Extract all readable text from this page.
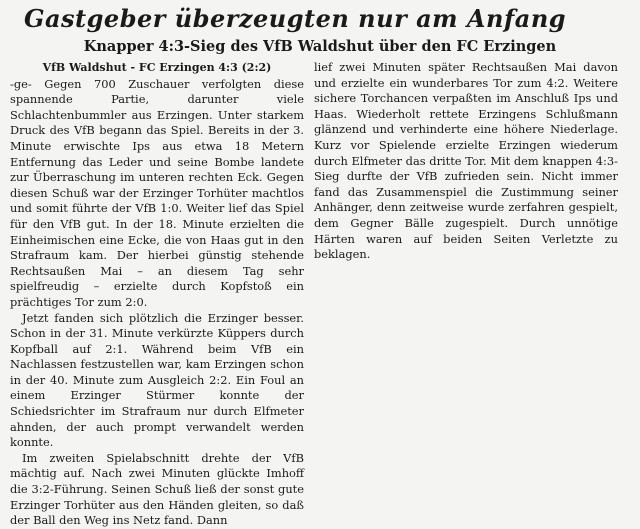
Gastgeber überzeugten nur am Anfang
Knapper 4:3-Sieg des VfB Waldshut über den FC Erzingen

VfB Waldshut - FC Erzingen 4:3 (2:2)

-ge- Gegen 700 Zuschauer verfolgten diese spannende Partie, darunter viele Schlachtenbummler aus Erzingen. Unter starkem Druck des VfB begann das Spiel. Bereits in der 3. Minute erwischte Ips aus etwa 18 Metern Entfernung das Leder und seine Bombe landete zur Überraschung im unteren rechten Eck. Gegen diesen Schuß war der Erzinger Torhüter machtlos und somit führte der VfB 1:0. Weiter lief das Spiel für den VfB gut. In der 18. Minute erzielten die Einheimischen eine Ecke, die von Haas gut in den Strafraum kam. Der hierbei günstig stehende Rechtsaußen Mai – an diesem Tag sehr spielfreudig – erzielte durch Kopfstoß ein prächtiges Tor zum 2:0.

Jetzt fanden sich plötzlich die Erzinger besser. Schon in der 31. Minute verkürzte Küppers durch Kopfball auf 2:1. Während beim VfB ein Nachlassen festzustellen war, kam Erzingen schon in der 40. Minute zum Ausgleich 2:2. Ein Foul an einem Erzinger Stürmer konnte der Schiedsrichter im Strafraum nur durch Elfmeter ahnden, der auch prompt verwandelt werden konnte.

Im zweiten Spielabschnitt drehte der VfB mächtig auf. Nach zwei Minuten glückte Imhoff die 3:2-Führung. Seinen Schuß ließ der sonst gute Erzinger Torhüter aus den Händen gleiten, so daß der Ball den Weg ins Netz fand. Dann

lief zwei Minuten später Rechtsaußen Mai davon und erzielte ein wunderbares Tor zum 4:2. Weitere sichere Torchancen verpaßten im Anschluß Ips und Haas. Wiederholt rettete Erzingens Schlußmann glänzend und verhinderte eine höhere Niederlage. Kurz vor Spielende erzielte Erzingen wiederum durch Elfmeter das dritte Tor. Mit dem knappen 4:3-Sieg durfte der VfB zufrieden sein. Nicht immer fand das Zusammenspiel die Zustimmung seiner Anhänger, denn zeitweise wurde zerfahren gespielt, dem Gegner Bälle zugespielt. Durch unnötige Härten waren auf beiden Seiten Verletzte zu beklagen.
